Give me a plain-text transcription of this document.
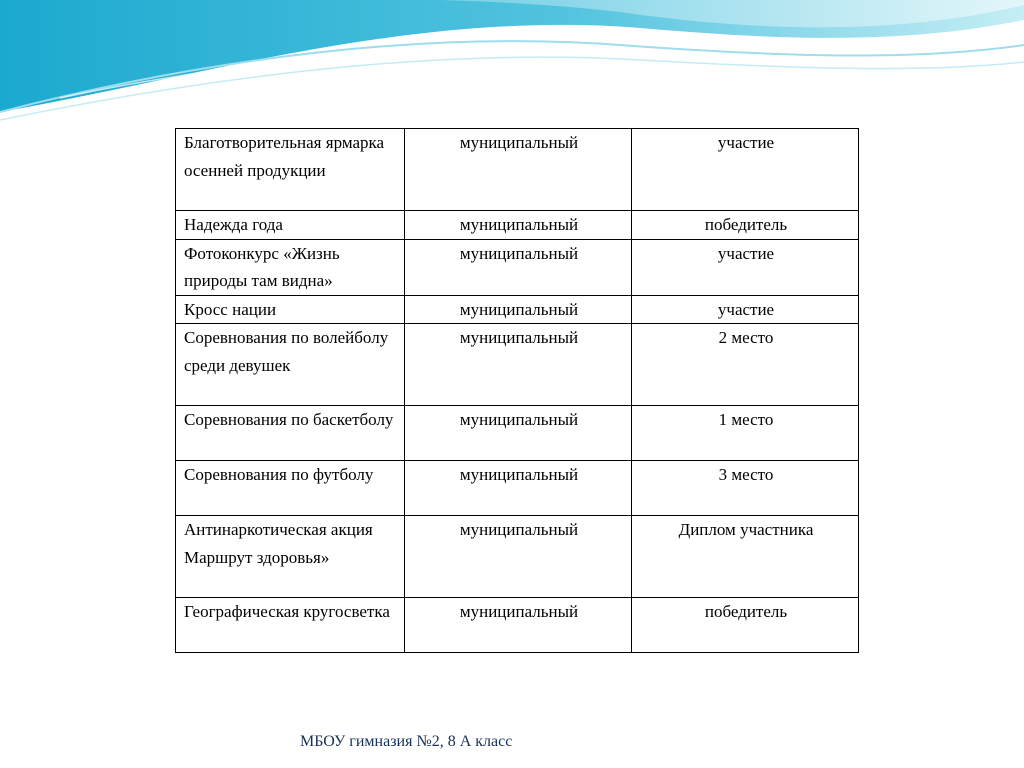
Благотворительная ярмарка осенней продукции	муниципальный	участие
Надежда года	муниципальный	победитель
Фотоконкурс «Жизнь природы там видна»	муниципальный	участие
Кросс нации	муниципальный	участие
Соревнования по волейболу среди девушек	муниципальный	2 место
Соревнования по баскетболу	муниципальный	1 место
Соревнования по футболу	муниципальный	3 место
Антинаркотическая акция Маршрут здоровья»	муниципальный	Диплом участника
Географическая кругосветка	муниципальный	победитель
МБОУ гимназия №2, 8 А класс
